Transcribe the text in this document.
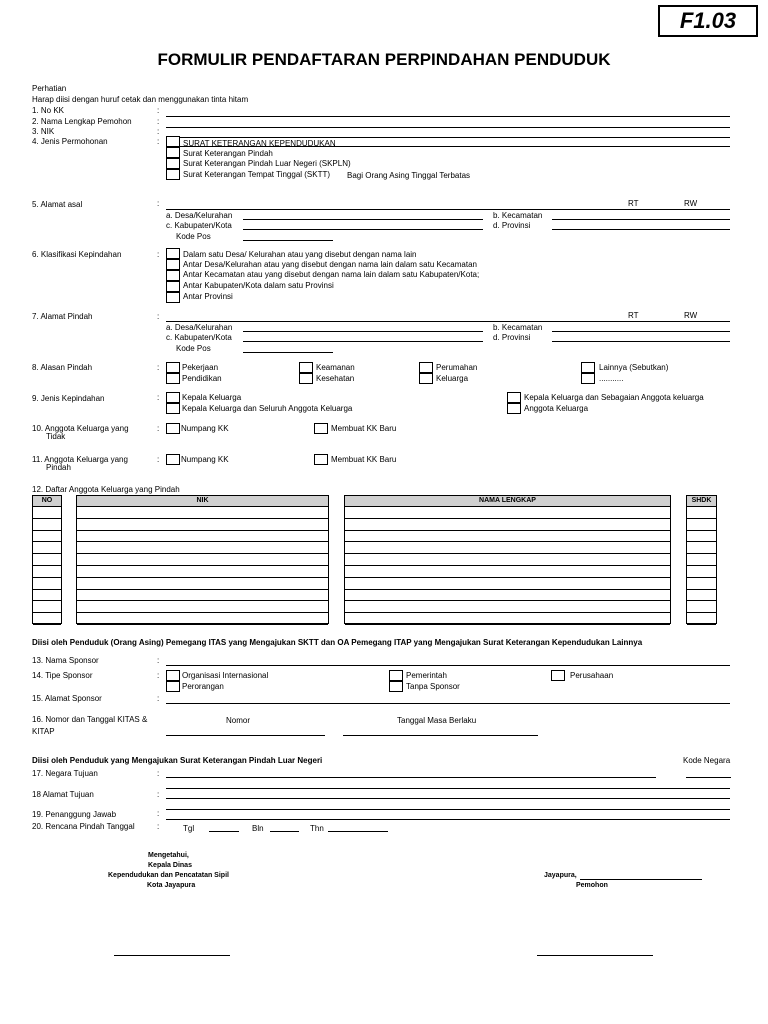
F1.03
FORMULIR PENDAFTARAN PERPINDAHAN PENDUDUK
Perhatian
Harap diisi dengan huruf cetak dan menggunakan tinta hitam
1. No KK	:
2. Nama Lengkap Pemohon	:
3. NIK	:
4. Jenis Permohonan	:	SURAT KETERANGAN KEPENDUDUKAN
Surat Keterangan Pindah
Surat Keterangan Pindah Luar Negeri (SKPLN)
Surat Keterangan Tempat Tinggal (SKTT) Bagi Orang Asing Tinggal Terbatas
5. Alamat asal	:	RT	RW
a. Desa/Kelurahan	b. Kecamatan
c. Kabupaten/Kota	d. Provinsi
Kode Pos
6. Klasifikasi Kepindahan	:	Dalam satu Desa/ Kelurahan atau yang disebut dengan nama lain
Antar Desa/Kelurahan atau yang disebut dengan nama lain dalam satu Kecamatan
Antar Kecamatan atau yang disebut dengan nama lain dalam satu Kabupaten/Kota;
Antar Kabupaten/Kota dalam satu Provinsi
Antar Provinsi
7. Alamat Pindah	:	RT	RW
a. Desa/Kelurahan	b. Kecamatan
c. Kabupaten/Kota	d. Provinsi
Kode Pos
8. Alasan Pindah	:	Pekerjaan
Pendidikan
Keamanan
Kesehatan
Perumahan
Keluarga
Lainnya (Sebutkan)
...........
9. Jenis Kepindahan	:	Kepala Keluarga
Kepala Keluarga dan Seluruh Anggota Keluarga
Kepala Keluarga dan Sebagaian Anggota keluarga
Anggota Keluarga
10. Anggota Keluarga yang
Tidak
:	Numpang KK	Membuat KK Baru
11. Anggota Keluarga yang
Pindah
:	Numpang KK	Membuat KK Baru
12. Daftar Anggota Keluarga yang Pindah
NO	NIK	NAMA LENGKAP	SHDK
Diisi oleh Penduduk (Orang Asing) Pemegang ITAS yang Mengajukan SKTT dan OA Pemegang ITAP yang Mengajukan Surat Keterangan Kependudukan Lainnya
13. Nama Sponsor	:
14. Tipe Sponsor	:	Organisasi Internasional
Perorangan
Pemerintah
Tanpa Sponsor
Perusahaan
15. Alamat Sponsor	:
16. Nomor dan Tanggal KITAS &
KITAP
Nomor	Tanggal Masa Berlaku
Diisi oleh Penduduk yang Mengajukan Surat Keterangan Pindah Luar Negeri	Kode Negara
17. Negara Tujuan	:
18 Alamat Tujuan	:
19. Penanggung Jawab	:
20. Rencana Pindah Tanggal	:	Tgl	Bln	Thn
Mengetahui,
Kepala Dinas
Kependudukan dan Pencatatan Sipil
Kota Jayapura
Jayapura,
Pemohon
